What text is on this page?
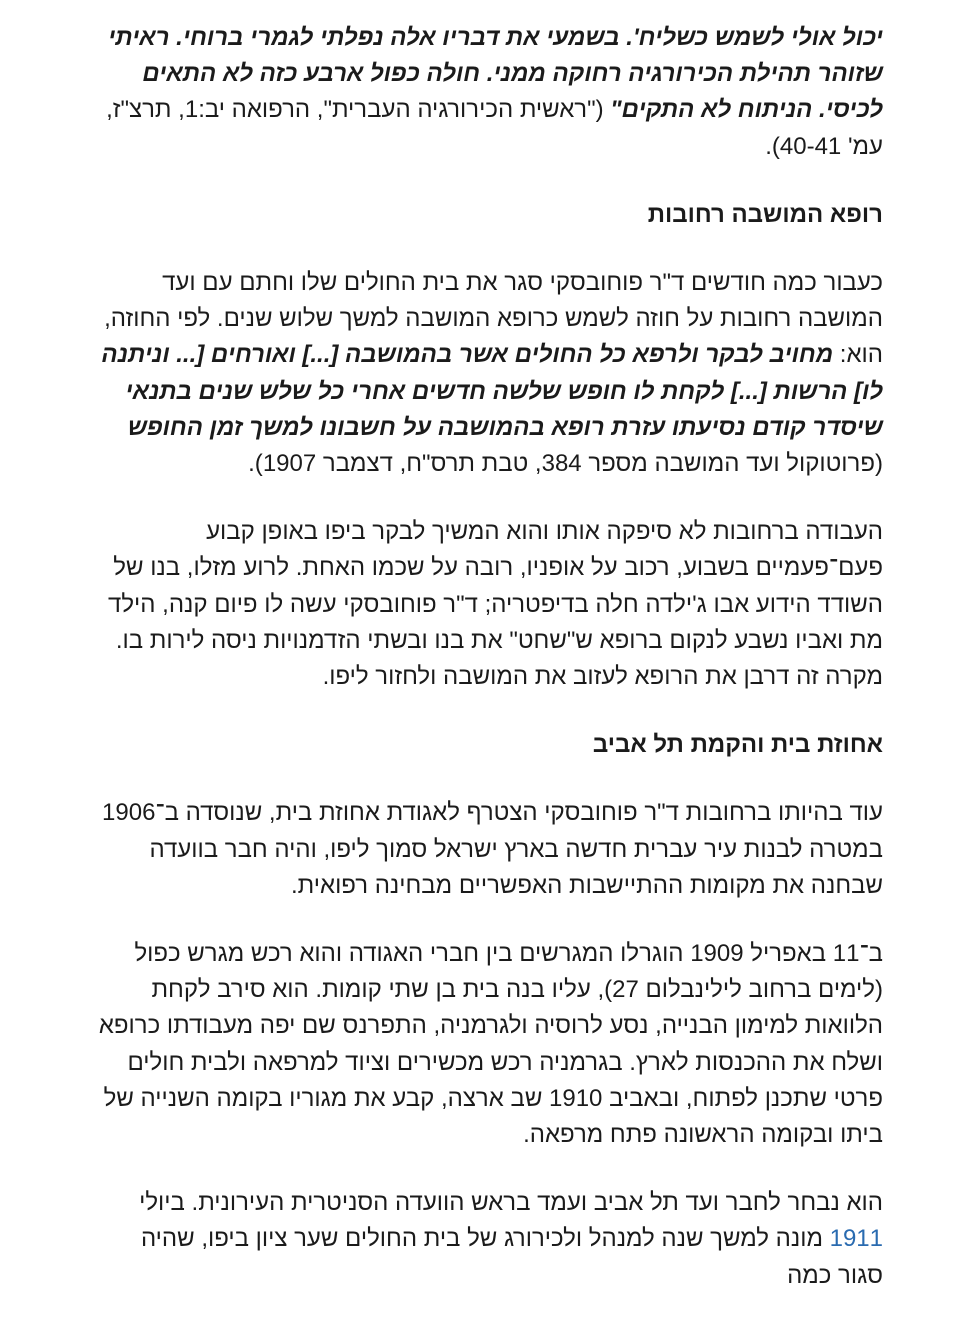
יכול אולי לשמש כשליח'. בשמעי את דבריו אלה נפלתי לגמרי ברוחי. ראיתי שזוהר תהילת הכירורגיה רחוקה ממני. חולה כפול ארבע כזה לא התאים לכיסי. הניתוח לא התקים" ("ראשית הכירורגיה העברית", הרפואה יב:1, תרצ"ז, עמ' 40-41).

רופא המושבה רחובות

כעבור כמה חודשים ד"ר פוחובסקי סגר את בית החולים שלו וחתם עם ועד המושבה רחובות על חוזה לשמש כרופא המושבה למשך שלוש שנים. לפי החוזה, הוא: מחויב לבקר ולרפא כל החולים אשר בהמושבה [...] ואורחים [... וניתנה לו] הרשות [...] לקחת לו חופש שלשה חדשים אחרי כל שלש שנים בתנאי שיסדר קודם נסיעתו עזרת רופא בהמושבה על חשבונו למשך זמן החופש (פרוטוקול ועד המושבה מספר 384, טבת תרס"ח, דצמבר 1907).

העבודה ברחובות לא סיפקה אותו והוא המשיך לבקר ביפו באופן קבוע פעם־פעמיים בשבוע, רכוב על אופניו, רובה על שכמו האחת. לרוע מזלו, בנו של השודד הידוע אבו ג'ילדה חלה בדיפטריה; ד"ר פוחובסקי עשה לו פיום קנה, הילד מת ואביו נשבע לנקום ברופא ש"שחט" את בנו ובשתי הזדמנויות ניסה לירות בו. מקרה זה דרבן את הרופא לעזוב את המושבה ולחזור ליפו.

אחוזת בית והקמת תל אביב

עוד בהיותו ברחובות ד"ר פוחובסקי הצטרף לאגודת אחוזת בית, שנוסדה ב־1906 במטרה לבנות עיר עברית חדשה בארץ ישראל סמוך ליפו, והיה חבר בוועדה שבחנה את מקומות ההתיישבות האפשריים מבחינה רפואית.

ב־11 באפריל 1909 הוגרלו המגרשים בין חברי האגודה והוא רכש מגרש כפול (לימים ברחוב לילינבלום 27), עליו בנה בית בן שתי קומות. הוא סירב לקחת הלוואות למימון הבנייה, נסע לרוסיה ולגרמניה, התפרנס שם יפה מעבודתו כרופא ושלח את ההכנסות לארץ. בגרמניה רכש מכשירים וציוד למרפאה ולבית חולים פרטי שתכנן לפתוח, ובאביב 1910 שב ארצה, קבע את מגוריו בקומה השנייה של ביתו ובקומה הראשונה פתח מרפאה.

הוא נבחר לחבר ועד תל אביב ועמד בראש הוועדה הסניטרית העירונית. ביולי 1911 מונה למשך שנה למנהל ולכירורג של בית החולים שער ציון ביפו, שהיה סגור כמה
